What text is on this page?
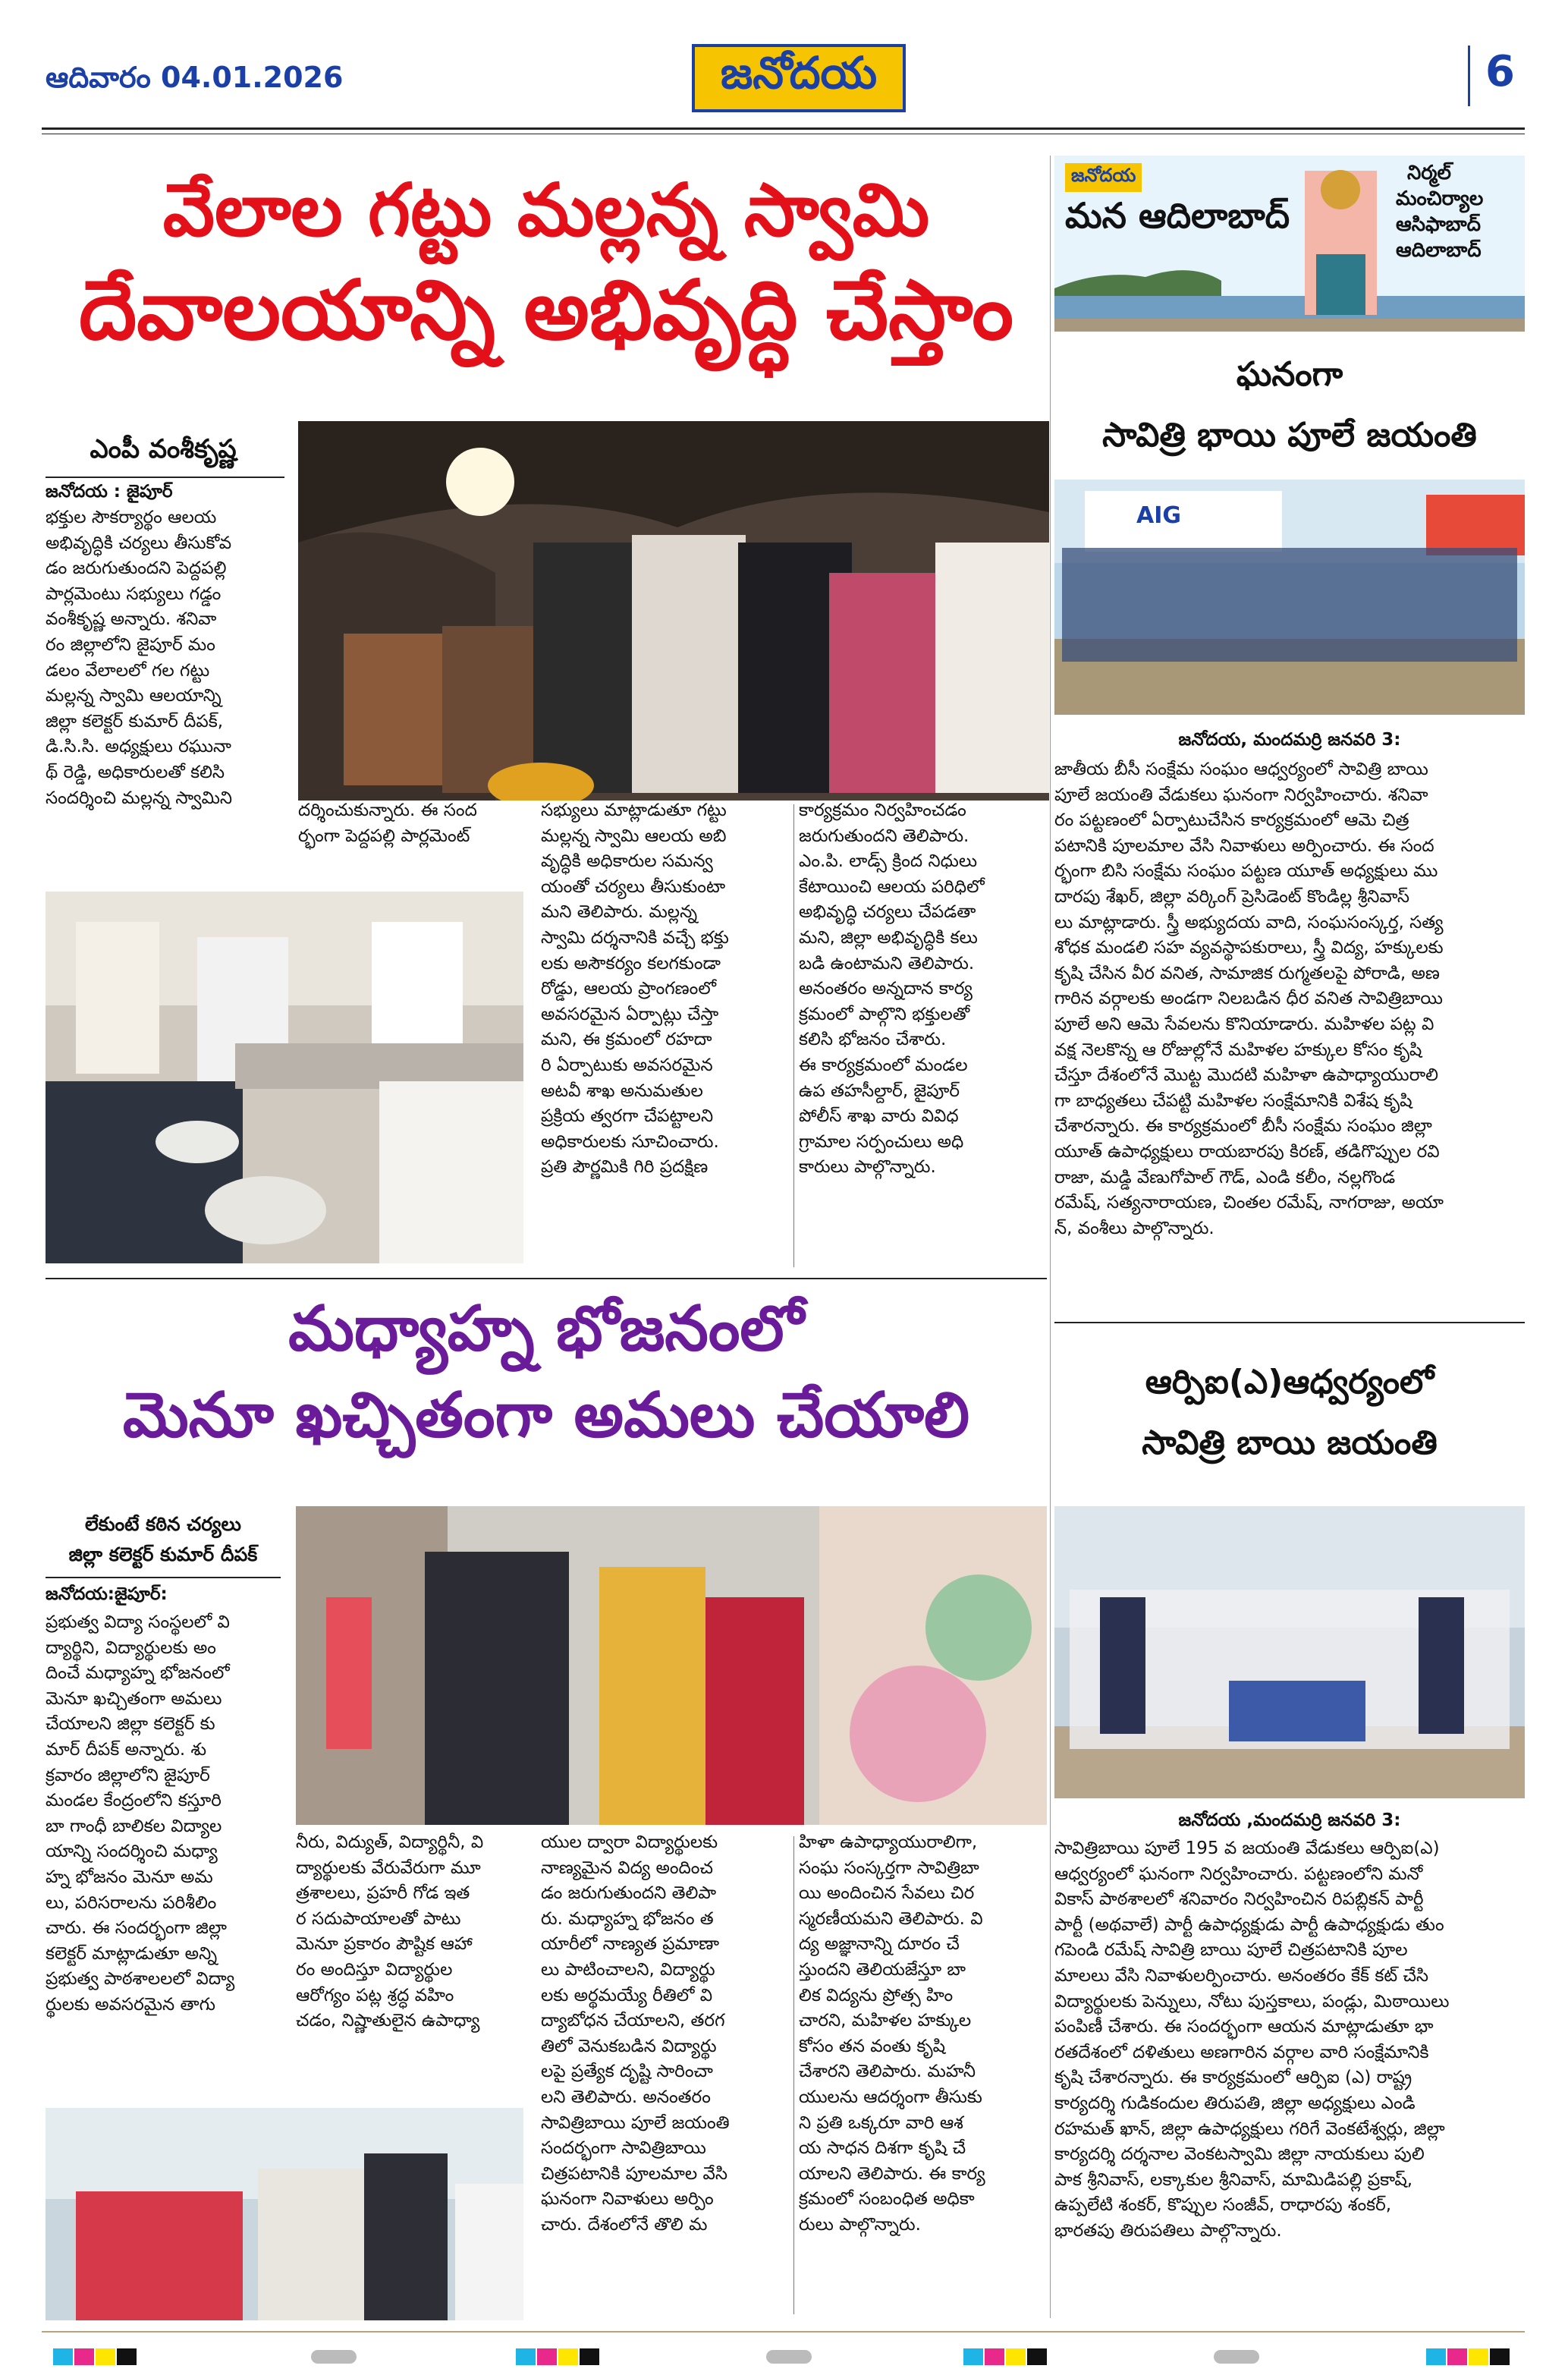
ఆదివారం 04.01.2026	జనోదయ	6
వేలాల గట్టు మల్లన్న స్వామి
దేవాలయాన్ని అభివృద్ధి చేస్తాం
ఎంపీ వంశీకృష్ణ
జనోదయ : జైపూర్
భక్తుల సౌకర్యార్థం ఆలయ
అభివృద్ధికి చర్యలు తీసుకోవ
డం జరుగుతుందని పెద్దపల్లి
పార్లమెంటు సభ్యులు గడ్డం
వంశీకృష్ణ అన్నారు. శనివా
రం జిల్లాలోని జైపూర్ మం
డలం వేలాలలో గల గట్టు
మల్లన్న స్వామి ఆలయాన్ని
జిల్లా కలెక్టర్ కుమార్ దీపక్,
డి.సి.సి. అధ్యక్షులు రఘునా
థ్ రెడ్డి, అధికారులతో కలిసి
సందర్శించి మల్లన్న స్వామిని
దర్శించుకున్నారు. ఈ సంద
ర్భంగా పెద్దపల్లి పార్లమెంట్
సభ్యులు మాట్లాడుతూ గట్టు
మల్లన్న స్వామి ఆలయ అబి
వృద్ధికి అధికారుల సమన్వ
యంతో చర్యలు తీసుకుంటా
మని తెలిపారు. మల్లన్న
స్వామి దర్శనానికి వచ్చే భక్తు
లకు అసౌకర్యం కలగకుండా
రోడ్డు, ఆలయ ప్రాంగణంలో
అవసరమైన ఏర్పాట్లు చేస్తా
మని, ఈ క్రమంలో రహదా
రి ఏర్పాటుకు అవసరమైన
అటవీ శాఖ అనుమతుల
ప్రక్రియ త్వరగా చేపట్టాలని
అధికారులకు సూచించారు.
ప్రతి పౌర్ణమికి గిరి ప్రదక్షిణ
కార్యక్రమం నిర్వహించడం
జరుగుతుందని తెలిపారు.
ఎం.పి. లాడ్స్ క్రింద నిధులు
కేటాయించి ఆలయ పరిధిలో
అభివృద్ధి చర్యలు చేపడతా
మని, జిల్లా అభివృద్ధికి కలు
బడి ఉంటామని తెలిపారు.
అనంతరం అన్నదాన కార్య
క్రమంలో పాల్గొని భక్తులతో
కలిసి భోజనం చేశారు.
ఈ కార్యక్రమంలో మండల
ఉప తహసీల్దార్, జైపూర్
పోలీస్ శాఖ వారు వివిధ
గ్రామాల సర్పంచులు అధి
కారులు పాల్గొన్నారు.
జనోదయ
మన ఆదిలాబాద్
నిర్మల్
మంచిర్యాల
ఆసిఫాబాద్
ఆదిలాబాద్
ఘనంగా
సావిత్రి భాయి పూలే జయంతి
AIG
జనోదయ, మందమర్రి జనవరి 3:
జాతీయ బీసీ సంక్షేమ సంఘం ఆధ్వర్యంలో సావిత్రి బాయి
పూలే జయంతి వేడుకలు ఘనంగా నిర్వహించారు. శనివా
రం పట్టణంలో ఏర్పాటుచేసిన కార్యక్రమంలో ఆమె చిత్ర
పటానికి పూలమాల వేసి నివాళులు అర్పించారు. ఈ సంద
ర్భంగా బిసి సంక్షేమ సంఘం పట్టణ యూత్ అధ్యక్షులు ము
దారపు శేఖర్, జిల్లా వర్కింగ్ ప్రెసిడెంట్ కొండిల్ల శ్రీనివాస్
లు మాట్లాడారు. స్త్రీ అభ్యుదయ వాది, సంఘసంస్కర్త, సత్య
శోధక మండలి సహ వ్యవస్థాపకురాలు, స్త్రీ విద్య, హక్కులకు
కృషి చేసిన వీర వనిత, సామాజిక రుగ్మతలపై పోరాడి, అణ
గారిన వర్గాలకు అండగా నిలబడిన ధీర వనిత సావిత్రిబాయి
పూలే అని ఆమె సేవలను కొనియాడారు. మహిళల పట్ల వి
వక్ష నెలకొన్న ఆ రోజుల్లోనే మహిళల హక్కుల కోసం కృషి
చేస్తూ దేశంలోనే మొట్ట మొదటి మహిళా ఉపాధ్యాయురాలి
గా బాధ్యతలు చేపట్టి మహిళల సంక్షేమానికి విశేష కృషి
చేశారన్నారు. ఈ కార్యక్రమంలో బీసీ సంక్షేమ సంఘం జిల్లా
యూత్ ఉపాధ్యక్షులు రాయబారపు కిరణ్, తడిగొప్పుల రవి
రాజా, మడ్డి వేణుగోపాల్ గౌడ్, ఎండి కలీం, నల్లగొండ
రమేష్, సత్యనారాయణ, చింతల రమేష్, నాగరాజు, అయా
న్, వంశీలు పాల్గొన్నారు.
మధ్యాహ్న భోజనంలో
మెనూ ఖచ్చితంగా అమలు చేయాలి
లేకుంటే కఠిన చర్యలు
జిల్లా కలెక్టర్ కుమార్ దీపక్
జనోదయ:జైపూర్:
ప్రభుత్వ విద్యా సంస్థలలో వి
ద్యార్థిని, విద్యార్థులకు అం
దించే మధ్యాహ్న భోజనంలో
మెనూ ఖచ్చితంగా అమలు
చేయాలని జిల్లా కలెక్టర్ కు
మార్ దీపక్ అన్నారు. శు
క్రవారం జిల్లాలోని జైపూర్
మండల కేంద్రంలోని కస్తూరి
బా గాంధీ బాలికల విద్యాల
యాన్ని సందర్శించి మధ్యా
హ్న భోజనం మెనూ అమ
లు, పరిసరాలను పరిశీలిం
చారు. ఈ సందర్భంగా జిల్లా
కలెక్టర్ మాట్లాడుతూ అన్ని
ప్రభుత్వ పాఠశాలలలో విద్యా
ర్థులకు అవసరమైన తాగు
నీరు, విద్యుత్, విద్యార్థినీ, వి
ద్యార్థులకు వేరువేరుగా మూ
త్రశాలలు, ప్రహరీ గోడ ఇత
ర సదుపాయాలతో పాటు
మెనూ ప్రకారం పౌష్టిక ఆహా
రం అందిస్తూ విద్యార్థుల
ఆరోగ్యం పట్ల శ్రద్ధ వహిం
చడం, నిష్ణాతులైన ఉపాధ్యా
యుల ద్వారా విద్యార్థులకు
నాణ్యమైన విద్య అందించ
డం జరుగుతుందని తెలిపా
రు. మధ్యాహ్న భోజనం త
యారీలో నాణ్యత ప్రమాణా
లు పాటించాలని, విద్యార్థు
లకు అర్థమయ్యే రీతిలో వి
ద్యాబోధన చేయాలని, తరగ
తిలో వెనుకబడిన విద్యార్థు
లపై ప్రత్యేక దృష్టి సారించా
లని తెలిపారు. అనంతరం
సావిత్రిబాయి పూలే జయంతి
సందర్భంగా సావిత్రిబాయి
చిత్రపటానికి పూలమాల వేసి
ఘనంగా నివాళులు అర్పిం
చారు. దేశంలోనే తొలి మ
హిళా ఉపాధ్యాయురాలిగా,
సంఘ సంస్కర్తగా సావిత్రిబా
యి అందించిన సేవలు చిర
స్మరణీయమని తెలిపారు. వి
ద్య అజ్ఞానాన్ని దూరం చే
స్తుందని తెలియజేస్తూ బా
లిక విద్యను ప్రోత్స హిం
చారని, మహిళల హక్కుల
కోసం తన వంతు కృషి
చేశారని తెలిపారు. మహనీ
యులను ఆదర్శంగా తీసుకు
ని ప్రతి ఒక్కరూ వారి ఆశ
య సాధన దిశగా కృషి చే
యాలని తెలిపారు. ఈ కార్య
క్రమంలో సంబంధిత అధికా
రులు పాల్గొన్నారు.
ఆర్పిఐ(ఎ)ఆధ్వర్యంలో
సావిత్రి బాయి జయంతి
జనోదయ ,మందమర్రి జనవరి 3:
సావిత్రిబాయి పూలే 195 వ జయంతి వేడుకలు ఆర్పిఐ(ఎ)
ఆధ్వర్యంలో ఘనంగా నిర్వహించారు. పట్టణంలోని మనో
వికాస్ పాఠశాలలో శనివారం నిర్వహించిన రిపబ్లికన్ పార్టీ
పార్టీ (అథవాలే) పార్టీ ఉపాధ్యక్షుడు పార్టీ ఉపాధ్యక్షుడు తుం
గపెండి రమేష్ సావిత్రి బాయి పూలే చిత్రపటానికి పూల
మాలలు వేసి నివాళులర్పించారు. అనంతరం కేక్ కట్ చేసి
విద్యార్థులకు పెన్నులు, నోటు పుస్తకాలు, పండ్లు, మిఠాయిలు
పంపిణీ చేశారు. ఈ సందర్భంగా ఆయన మాట్లాడుతూ భా
రతదేశంలో దళితులు అణగారిన వర్గాల వారి సంక్షేమానికి
కృషి చేశారన్నారు. ఈ కార్యక్రమంలో ఆర్పిఐ (ఎ) రాష్ట్ర
కార్యదర్శి గుడికందుల తిరుపతి, జిల్లా అధ్యక్షులు ఎండి
రహమత్ ఖాన్, జిల్లా ఉపాధ్యక్షులు గరిగే వెంకటేశ్వర్లు, జిల్లా
కార్యదర్శి దర్శనాల వెంకటస్వామి జిల్లా నాయకులు పులి
పాక శ్రీనివాస్, లక్కాకుల శ్రీనివాస్, మామిడిపల్లి ప్రకాష్,
ఉప్పలేటి శంకర్, కొప్పుల సంజీవ్, రాధారపు శంకర్,
భారతపు తిరుపతిలు పాల్గొన్నారు.
